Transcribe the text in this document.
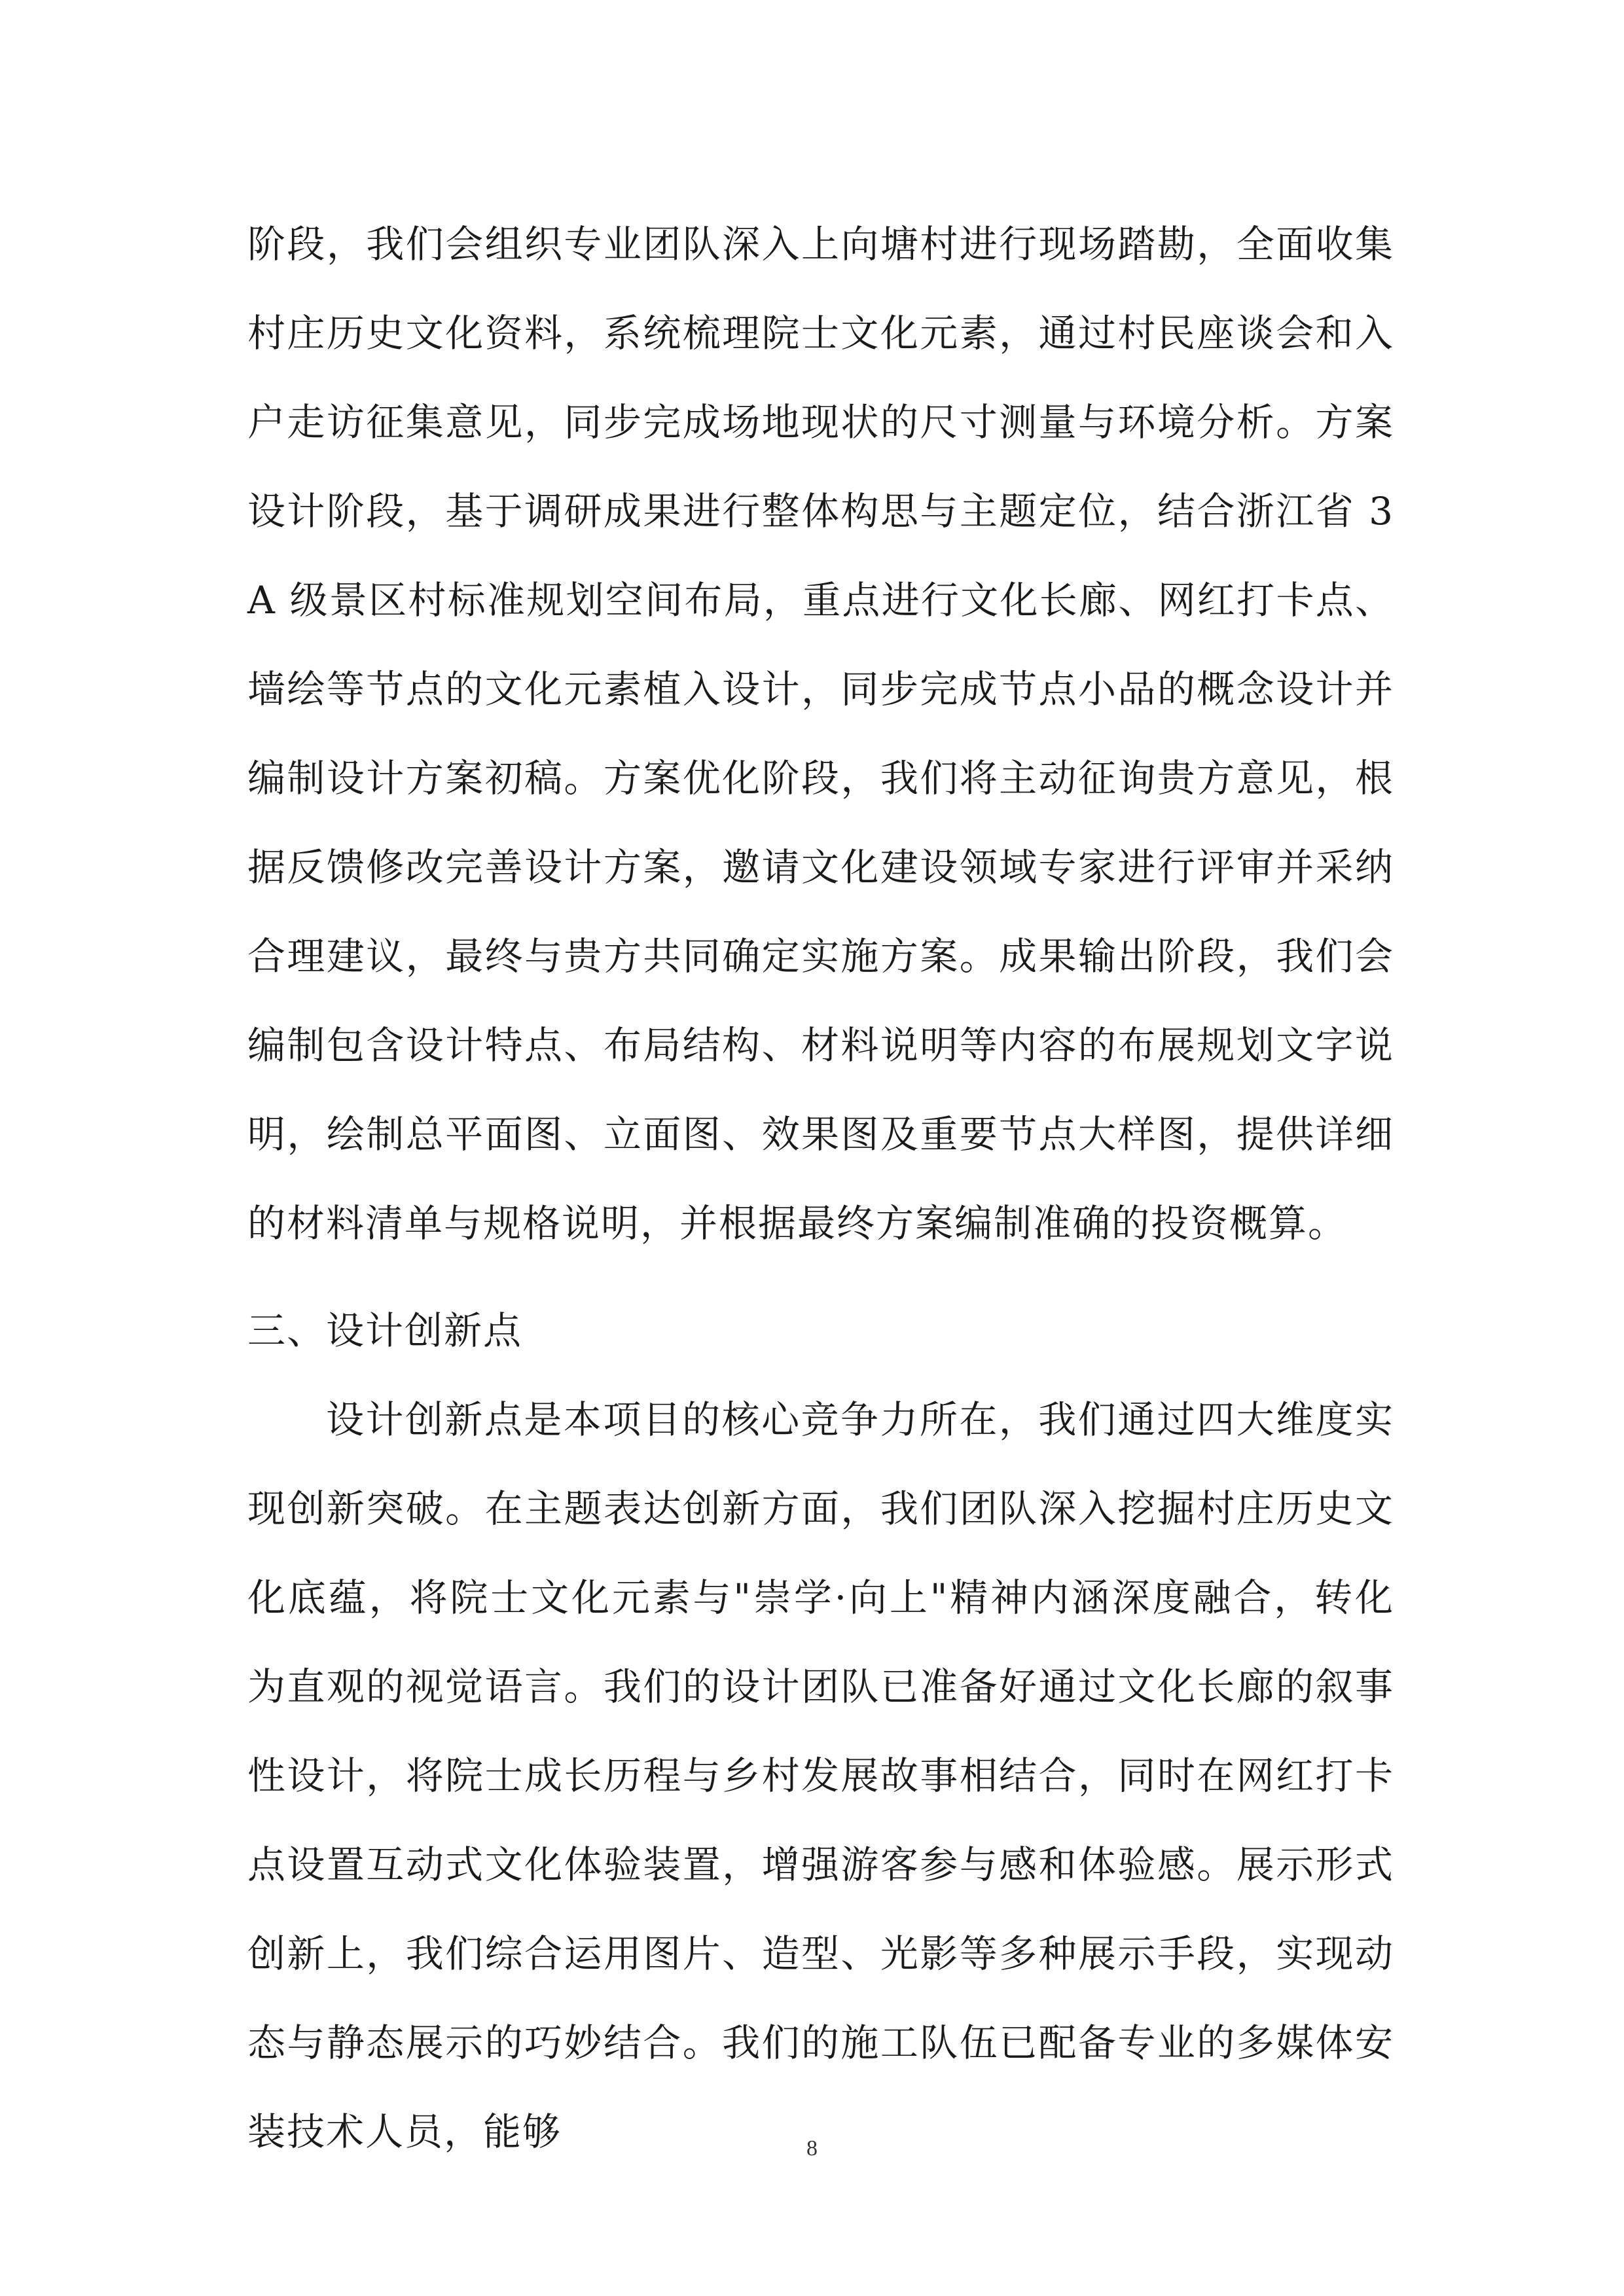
阶段，我们会组织专业团队深入上向塘村进行现场踏勘，全面收集村庄历史文化资料，系统梳理院士文化元素，通过村民座谈会和入户走访征集意见，同步完成场地现状的尺寸测量与环境分析。方案设计阶段，基于调研成果进行整体构思与主题定位，结合浙江省 3A 级景区村标准规划空间布局，重点进行文化长廊、网红打卡点、墙绘等节点的文化元素植入设计，同步完成节点小品的概念设计并编制设计方案初稿。方案优化阶段，我们将主动征询贵方意见，根据反馈修改完善设计方案，邀请文化建设领域专家进行评审并采纳合理建议，最终与贵方共同确定实施方案。成果输出阶段，我们会编制包含设计特点、布局结构、材料说明等内容的布展规划文字说明，绘制总平面图、立面图、效果图及重要节点大样图，提供详细的材料清单与规格说明，并根据最终方案编制准确的投资概算。

三、设计创新点

设计创新点是本项目的核心竞争力所在，我们通过四大维度实现创新突破。在主题表达创新方面，我们团队深入挖掘村庄历史文化底蕴，将院士文化元素与"崇学·向上"精神内涵深度融合，转化为直观的视觉语言。我们的设计团队已准备好通过文化长廊的叙事性设计，将院士成长历程与乡村发展故事相结合，同时在网红打卡点设置互动式文化体验装置，增强游客参与感和体验感。展示形式创新上，我们综合运用图片、造型、光影等多种展示手段，实现动态与静态展示的巧妙结合。我们的施工队伍已配备专业的多媒体安装技术人员，能够	8
